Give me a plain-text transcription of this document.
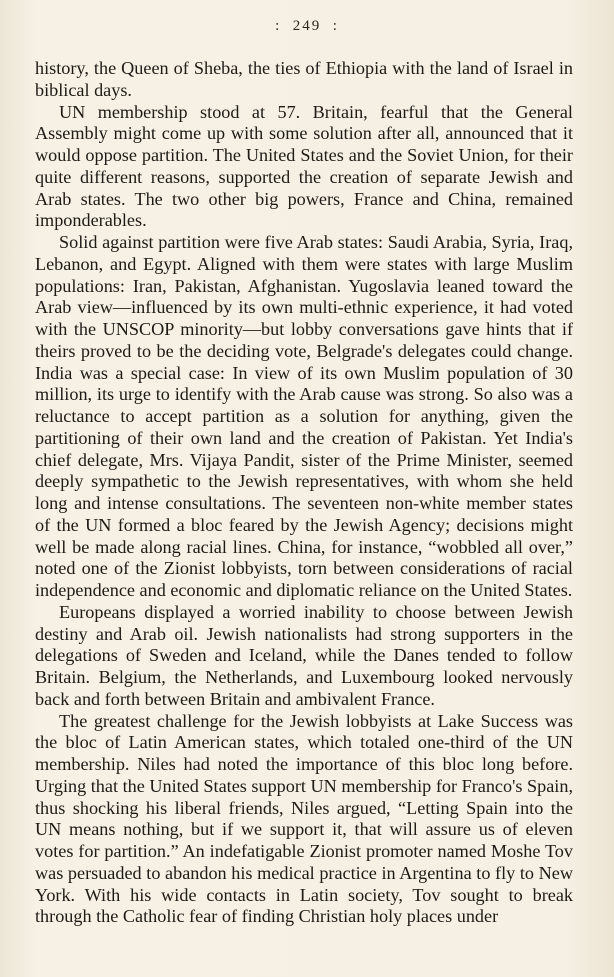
: 249 :

history, the Queen of Sheba, the ties of Ethiopia with the land of Israel in biblical days.

UN membership stood at 57. Britain, fearful that the General Assembly might come up with some solution after all, announced that it would oppose partition. The United States and the Soviet Union, for their quite different reasons, supported the creation of separate Jewish and Arab states. The two other big powers, France and China, remained imponderables.

Solid against partition were five Arab states: Saudi Arabia, Syria, Iraq, Lebanon, and Egypt. Aligned with them were states with large Muslim populations: Iran, Pakistan, Afghanistan. Yugoslavia leaned toward the Arab view—influenced by its own multi-ethnic experience, it had voted with the UNSCOP minority—but lobby conversations gave hints that if theirs proved to be the deciding vote, Belgrade's delegates could change. India was a special case: In view of its own Muslim population of 30 million, its urge to identify with the Arab cause was strong. So also was a reluctance to accept partition as a solution for anything, given the partitioning of their own land and the creation of Pakistan. Yet India's chief delegate, Mrs. Vijaya Pandit, sister of the Prime Minister, seemed deeply sympathetic to the Jewish representatives, with whom she held long and intense consultations. The seventeen non-white member states of the UN formed a bloc feared by the Jewish Agency; decisions might well be made along racial lines. China, for instance, “wobbled all over,” noted one of the Zionist lobbyists, torn between considerations of racial independence and economic and diplomatic reliance on the United States.

Europeans displayed a worried inability to choose between Jewish destiny and Arab oil. Jewish nationalists had strong supporters in the delegations of Sweden and Iceland, while the Danes tended to follow Britain. Belgium, the Netherlands, and Luxembourg looked nervously back and forth between Britain and ambivalent France.

The greatest challenge for the Jewish lobbyists at Lake Success was the bloc of Latin American states, which totaled one-third of the UN membership. Niles had noted the importance of this bloc long before. Urging that the United States support UN membership for Franco's Spain, thus shocking his liberal friends, Niles argued, “Letting Spain into the UN means nothing, but if we support it, that will assure us of eleven votes for partition.” An indefatigable Zionist promoter named Moshe Tov was persuaded to abandon his medical practice in Argentina to fly to New York. With his wide contacts in Latin society, Tov sought to break through the Catholic fear of finding Christian holy places under
